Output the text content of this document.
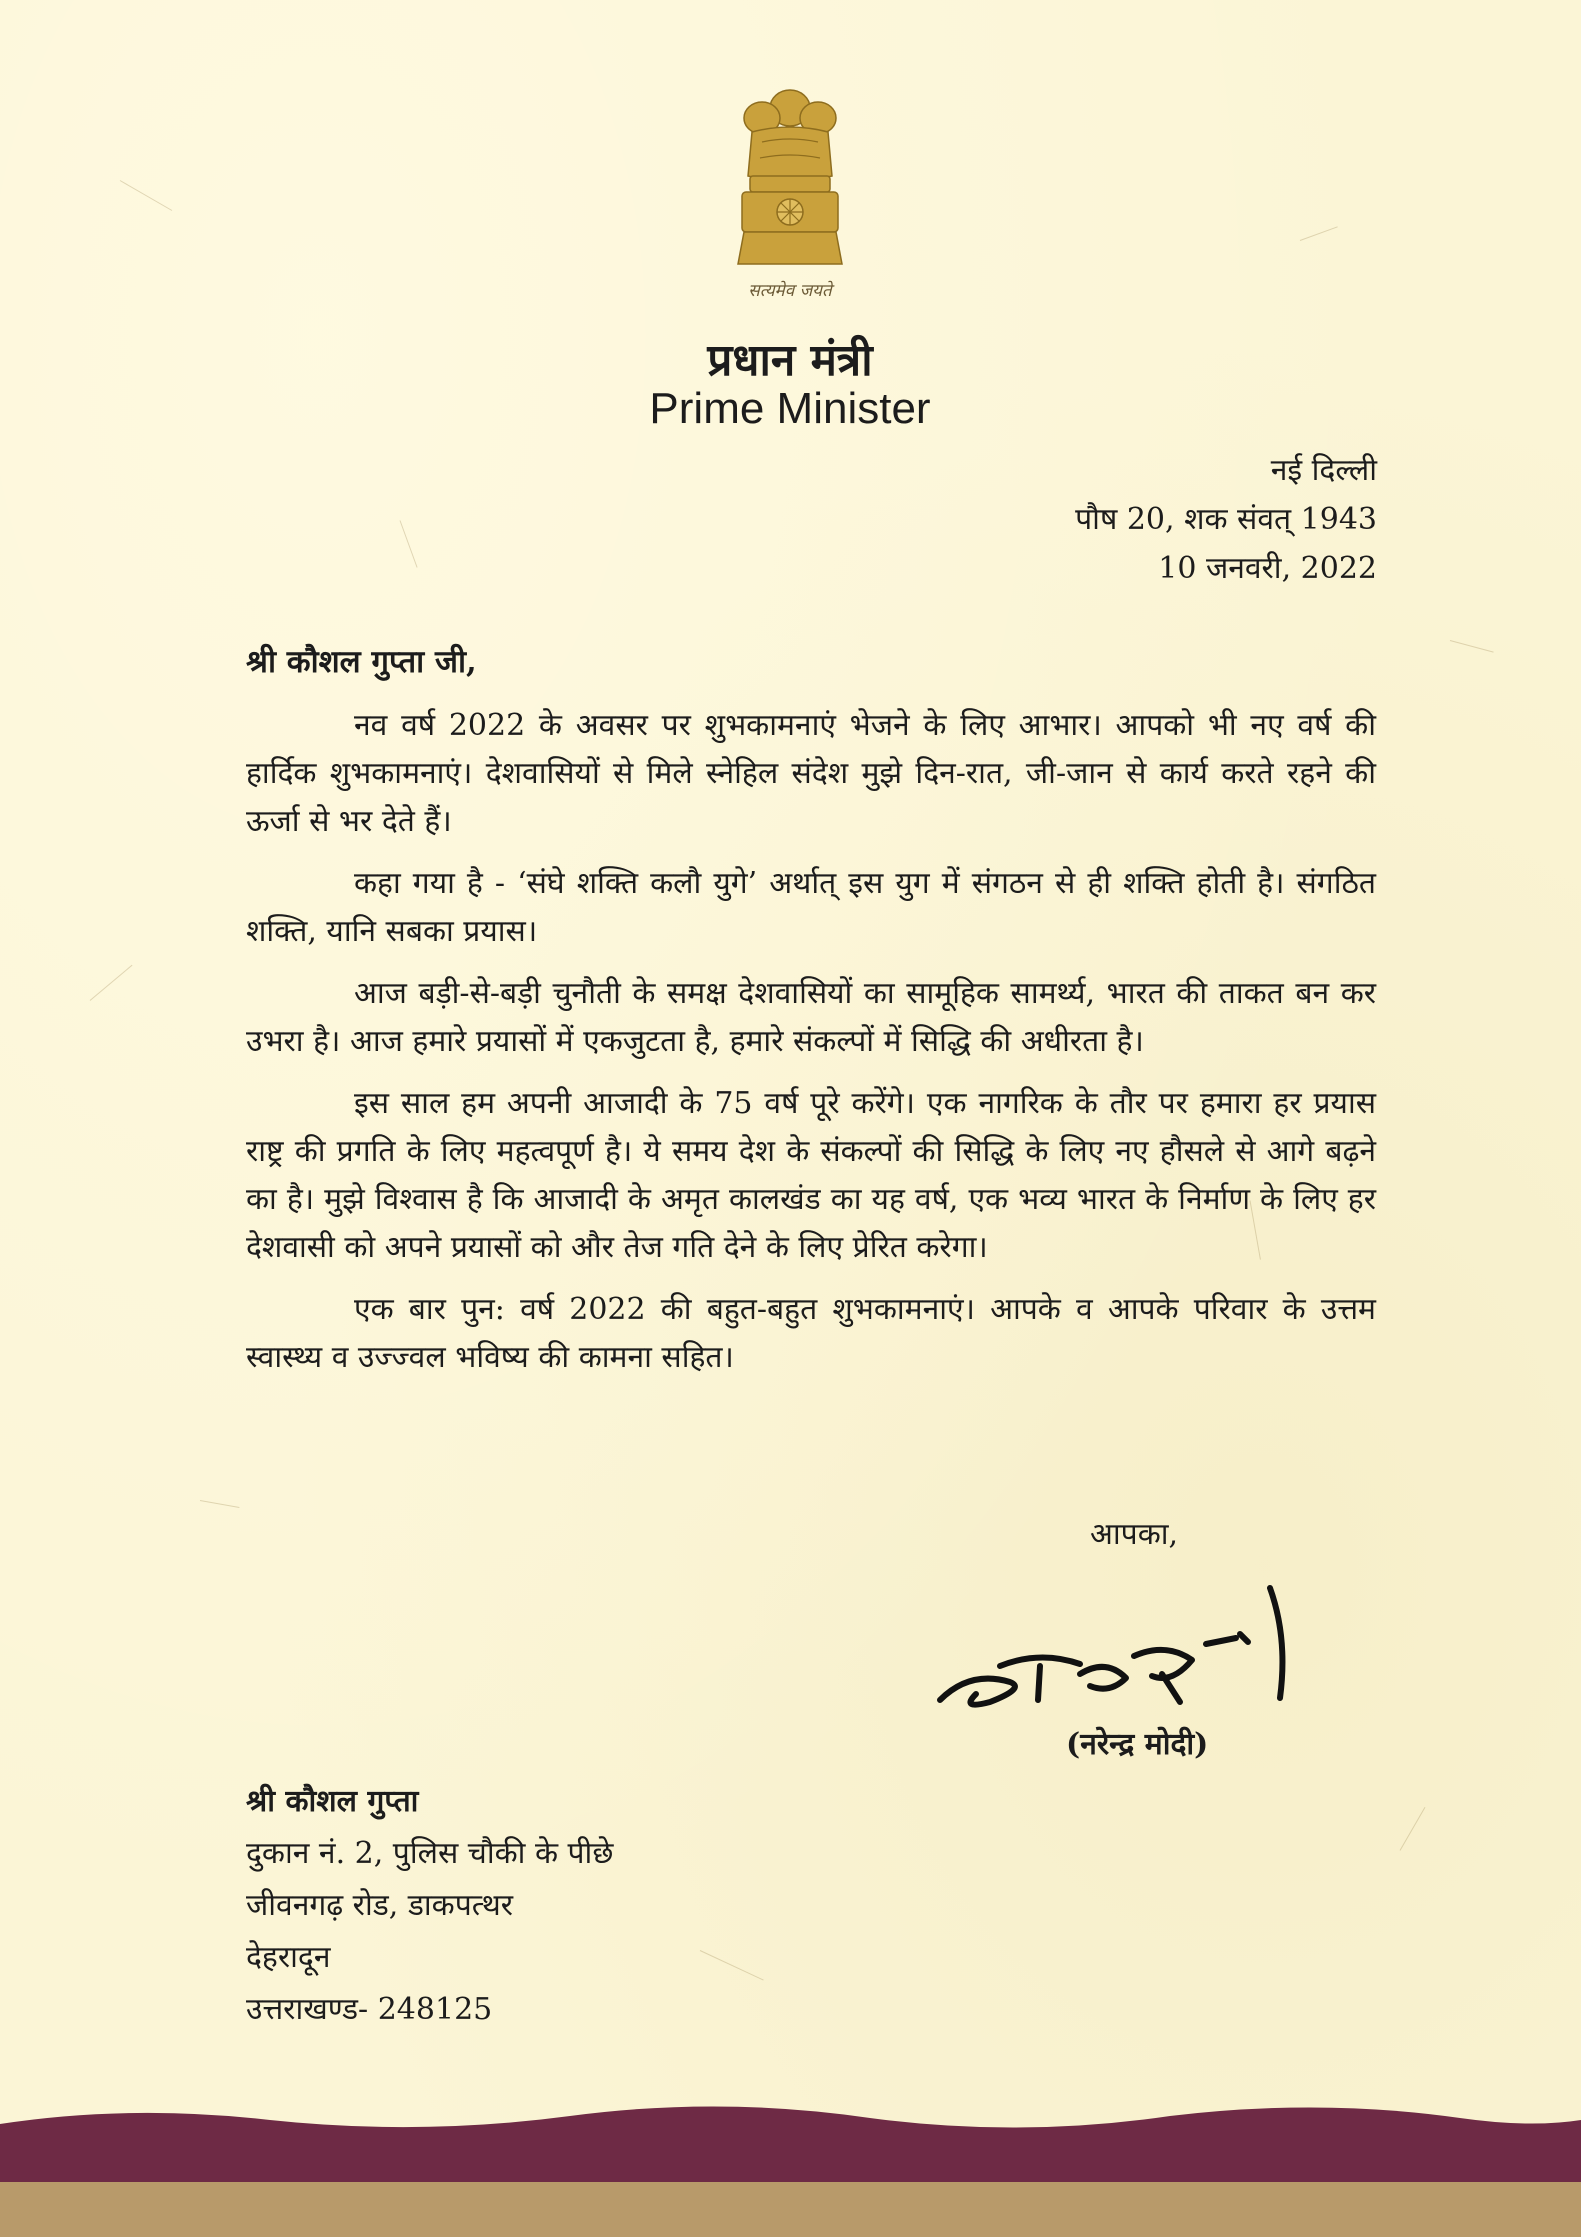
सत्यमेव जयते
प्रधान मंत्री
Prime Minister
नई दिल्ली
पौष 20, शक संवत् 1943
10 जनवरी, 2022
श्री कौशल गुप्ता जी,

नव वर्ष 2022 के अवसर पर शुभकामनाएं भेजने के लिए आभार। आपको भी नए वर्ष की हार्दिक शुभकामनाएं। देशवासियों से मिले स्नेहिल संदेश मुझे दिन-रात, जी-जान से कार्य करते रहने की ऊर्जा से भर देते हैं।

कहा गया है - ‘संघे शक्ति कलौ युगे’ अर्थात् इस युग में संगठन से ही शक्ति होती है। संगठित शक्ति, यानि सबका प्रयास।

आज बड़ी-से-बड़ी चुनौती के समक्ष देशवासियों का सामूहिक सामर्थ्य, भारत की ताकत बन कर उभरा है। आज हमारे प्रयासों में एकजुटता है, हमारे संकल्पों में सिद्धि की अधीरता है।

इस साल हम अपनी आजादी के 75 वर्ष पूरे करेंगे। एक नागरिक के तौर पर हमारा हर प्रयास राष्ट्र की प्रगति के लिए महत्वपूर्ण है। ये समय देश के संकल्पों की सिद्धि के लिए नए हौसले से आगे बढ़ने का है। मुझे विश्वास है कि आजादी के अमृत कालखंड का यह वर्ष, एक भव्य भारत के निर्माण के लिए हर देशवासी को अपने प्रयासों को और तेज गति देने के लिए प्रेरित करेगा।

एक बार पुन: वर्ष 2022 की बहुत-बहुत शुभकामनाएं। आपके व आपके परिवार के उत्तम स्वास्थ्य व उज्ज्वल भविष्य की कामना सहित।

आपका,
(नरेन्द्र मोदी)
श्री कौशल गुप्ता
दुकान नं. 2, पुलिस चौकी के पीछे
जीवनगढ़ रोड, डाकपत्थर
देहरादून
उत्तराखण्ड- 248125
